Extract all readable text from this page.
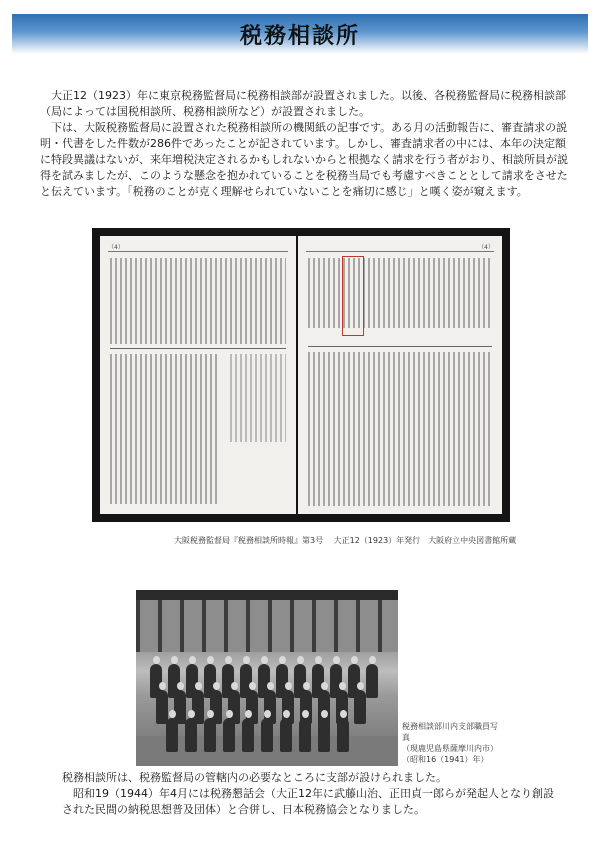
税務相談所

大正12（1923）年に東京税務監督局に税務相談部が設置されました。以後、各税務監督局に税務相談部（局によっては国税相談所、税務相談所など）が設置されました。

下は、大阪税務監督局に設置された税務相談所の機関紙の記事です。ある月の活動報告に、審査請求の説明・代書をした件数が286件であったことが記されています。しかし、審査請求者の中には、本年の決定額に特段異議はないが、来年増税決定されるかもしれないからと根拠なく請求を行う者がおり、相談所員が説得を試みましたが、このような懸念を抱かれていることを税務当局でも考慮すべきこととして請求をさせたと伝えています。「税務のことが克く理解せられていないことを痛切に感じ」と嘆く姿が窺えます。

（4）	（4）
大阪税務監督局『税務相談所時報』第3号　 大正12（1923）年発行　大阪府立中央図書館所蔵
税務相談部川内支部職員写真
（現鹿児島県薩摩川内市）
（昭和16（1941）年）

税務相談所は、税務監督局の管轄内の必要なところに支部が設けられました。

昭和19（1944）年4月には税務懇話会（大正12年に武藤山治、正田貞一郎らが発起人となり創設された民間の納税思想普及団体）と合併し、日本税務協会となりました。
